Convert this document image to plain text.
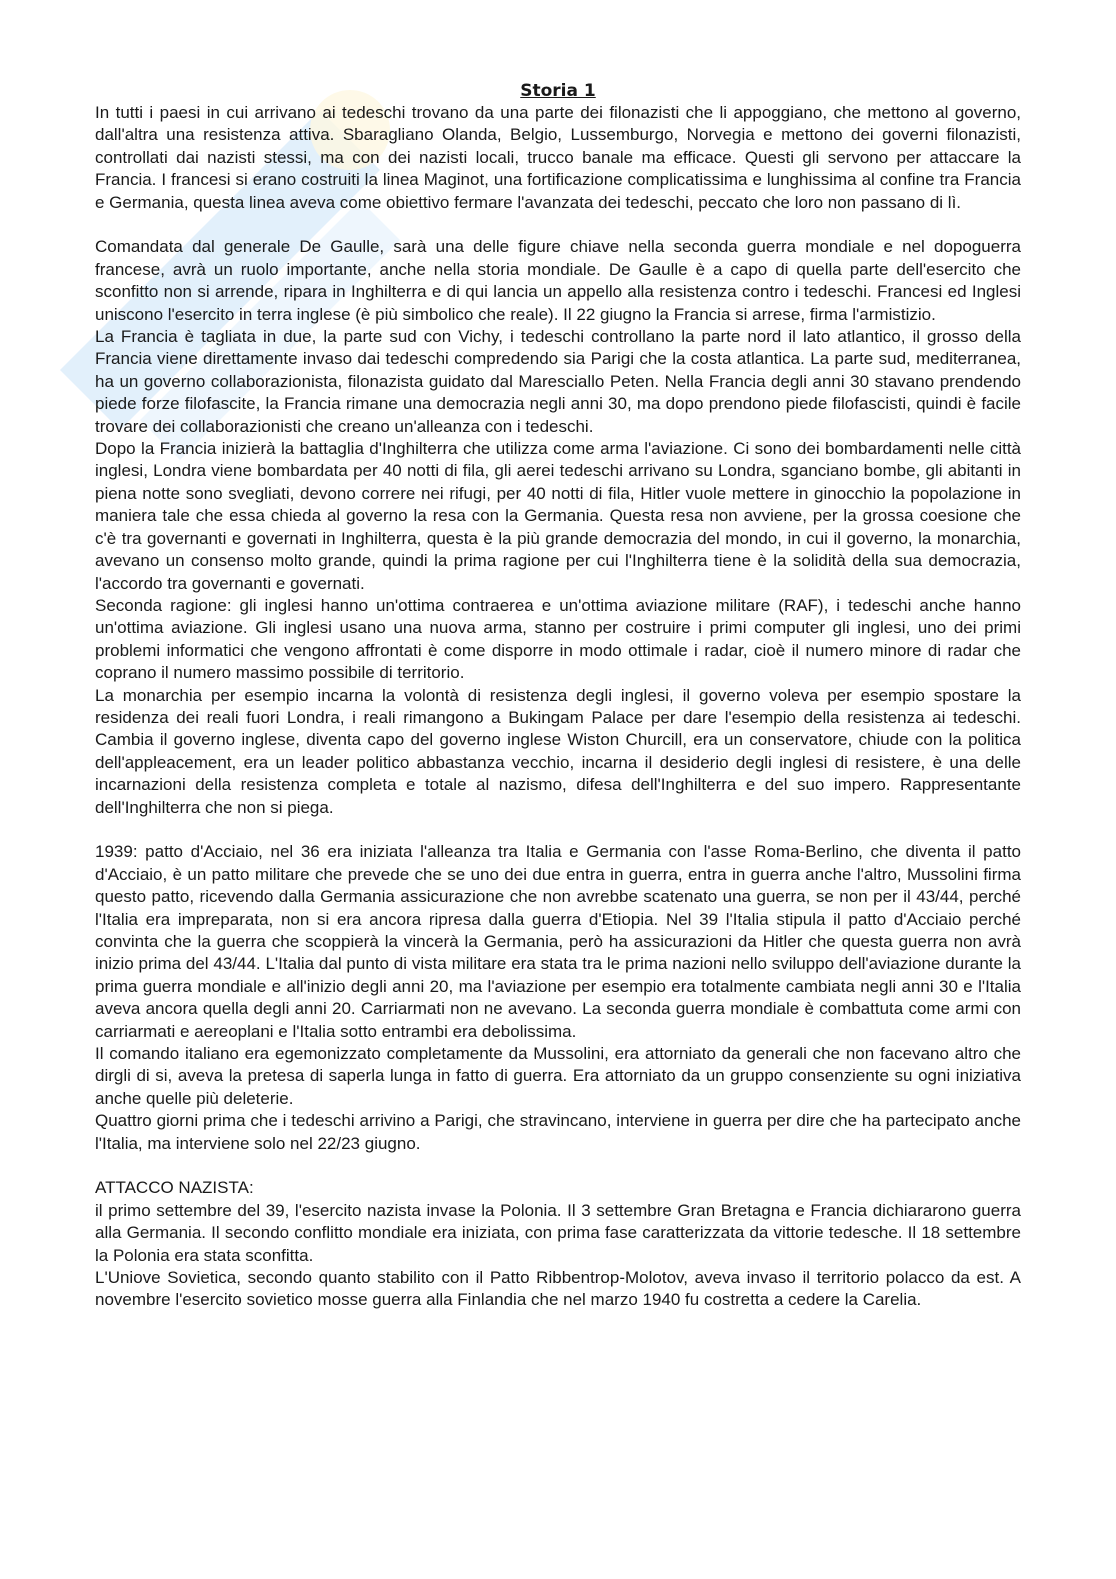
Storia 1

In tutti i paesi in cui arrivano ai tedeschi trovano da una parte dei filonazisti che li appoggiano, che mettono al governo, dall'altra una resistenza attiva. Sbaragliano Olanda, Belgio, Lussemburgo, Norvegia e mettono dei governi filonazisti, controllati dai nazisti stessi, ma con dei nazisti locali, trucco banale ma efficace. Questi gli servono per attaccare la Francia. I francesi si erano costruiti la linea Maginot, una fortificazione complicatissima e lunghissima al confine tra Francia e Germania, questa linea aveva come obiettivo fermare l'avanzata dei tedeschi, peccato che loro non passano di lì.

Comandata dal generale De Gaulle, sarà una delle figure chiave nella seconda guerra mondiale e nel dopoguerra francese, avrà un ruolo importante, anche nella storia mondiale. De Gaulle è a capo di quella parte dell'esercito che sconfitto non si arrende, ripara in Inghilterra e di qui lancia un appello alla resistenza contro i tedeschi. Francesi ed Inglesi uniscono l'esercito in terra inglese (è più simbolico che reale). Il 22 giugno la Francia si arrese, firma l'armistizio.

La Francia è tagliata in due, la parte sud con Vichy, i tedeschi controllano la parte nord il lato atlantico, il grosso della Francia viene direttamente invaso dai tedeschi compredendo sia Parigi che la costa atlantica. La parte sud, mediterranea, ha un governo collaborazionista, filonazista guidato dal Maresciallo Peten. Nella Francia degli anni 30 stavano prendendo piede forze filofascite, la Francia rimane una democrazia negli anni 30, ma dopo prendono piede filofascisti, quindi è facile trovare dei collaborazionisti che creano un'alleanza con i tedeschi.

Dopo la Francia inizierà la battaglia d'Inghilterra che utilizza come arma l'aviazione. Ci sono dei bombardamenti nelle città inglesi, Londra viene bombardata per 40 notti di fila, gli aerei tedeschi arrivano su Londra, sganciano bombe, gli abitanti in piena notte sono svegliati, devono correre nei rifugi, per 40 notti di fila, Hitler vuole mettere in ginocchio la popolazione in maniera tale che essa chieda al governo la resa con la Germania. Questa resa non avviene, per la grossa coesione che c'è tra governanti e governati in Inghilterra, questa è la più grande democrazia del mondo, in cui il governo, la monarchia, avevano un consenso molto grande, quindi la prima ragione per cui l'Inghilterra tiene è la solidità della sua democrazia, l'accordo tra governanti e governati.

Seconda ragione: gli inglesi hanno un'ottima contraerea e un'ottima aviazione militare (RAF), i tedeschi anche hanno un'ottima aviazione. Gli inglesi usano una nuova arma, stanno per costruire i primi computer gli inglesi, uno dei primi problemi informatici che vengono affrontati è come disporre in modo ottimale i radar, cioè il numero minore di radar che coprano il numero massimo possibile di territorio.

La monarchia per esempio incarna la volontà di resistenza degli inglesi, il governo voleva per esempio spostare la residenza dei reali fuori Londra, i reali rimangono a Bukingam Palace per dare l'esempio della resistenza ai tedeschi. Cambia il governo inglese, diventa capo del governo inglese Wiston Churcill, era un conservatore, chiude con la politica dell'appleacement, era un leader politico abbastanza vecchio, incarna il desiderio degli inglesi di resistere, è una delle incarnazioni della resistenza completa e totale al nazismo, difesa dell'Inghilterra e del suo impero. Rappresentante dell'Inghilterra che non si piega.

1939: patto d'Acciaio, nel 36 era iniziata l'alleanza tra Italia e Germania con l'asse Roma-Berlino, che diventa il patto d'Acciaio, è un patto militare che prevede che se uno dei due entra in guerra, entra in guerra anche l'altro, Mussolini firma questo patto, ricevendo dalla Germania assicurazione che non avrebbe scatenato una guerra, se non per il 43/44, perché l'Italia era impreparata, non si era ancora ripresa dalla guerra d'Etiopia. Nel 39 l'Italia stipula il patto d'Acciaio perché convinta che la guerra che scoppierà la vincerà la Germania, però ha assicurazioni da Hitler che questa guerra non avrà inizio prima del 43/44. L'Italia dal punto di vista militare era stata tra le prima nazioni nello sviluppo dell'aviazione durante la prima guerra mondiale e all'inizio degli anni 20, ma l'aviazione per esempio era totalmente cambiata negli anni 30 e l'Italia aveva ancora quella degli anni 20. Carriarmati non ne avevano. La seconda guerra mondiale è combattuta come armi con carriarmati e aereoplani e l'Italia sotto entrambi era debolissima.

Il comando italiano era egemonizzato completamente da Mussolini, era attorniato da generali che non facevano altro che dirgli di si, aveva la pretesa di saperla lunga in fatto di guerra. Era attorniato da un gruppo consenziente su ogni iniziativa anche quelle più deleterie.

Quattro giorni prima che i tedeschi arrivino a Parigi, che stravincano, interviene in guerra per dire che ha partecipato anche l'Italia, ma interviene solo nel 22/23 giugno.

ATTACCO NAZISTA:

il primo settembre del 39, l'esercito nazista invase la Polonia. Il 3 settembre Gran Bretagna e Francia dichiararono guerra alla Germania. Il secondo conflitto mondiale era iniziata, con prima fase caratterizzata da vittorie tedesche. Il 18 settembre la Polonia era stata sconfitta.

L'Uniove Sovietica, secondo quanto stabilito con il Patto Ribbentrop-Molotov, aveva invaso il territorio polacco da est. A novembre l'esercito sovietico mosse guerra alla Finlandia che nel marzo 1940 fu costretta a cedere la Carelia.
